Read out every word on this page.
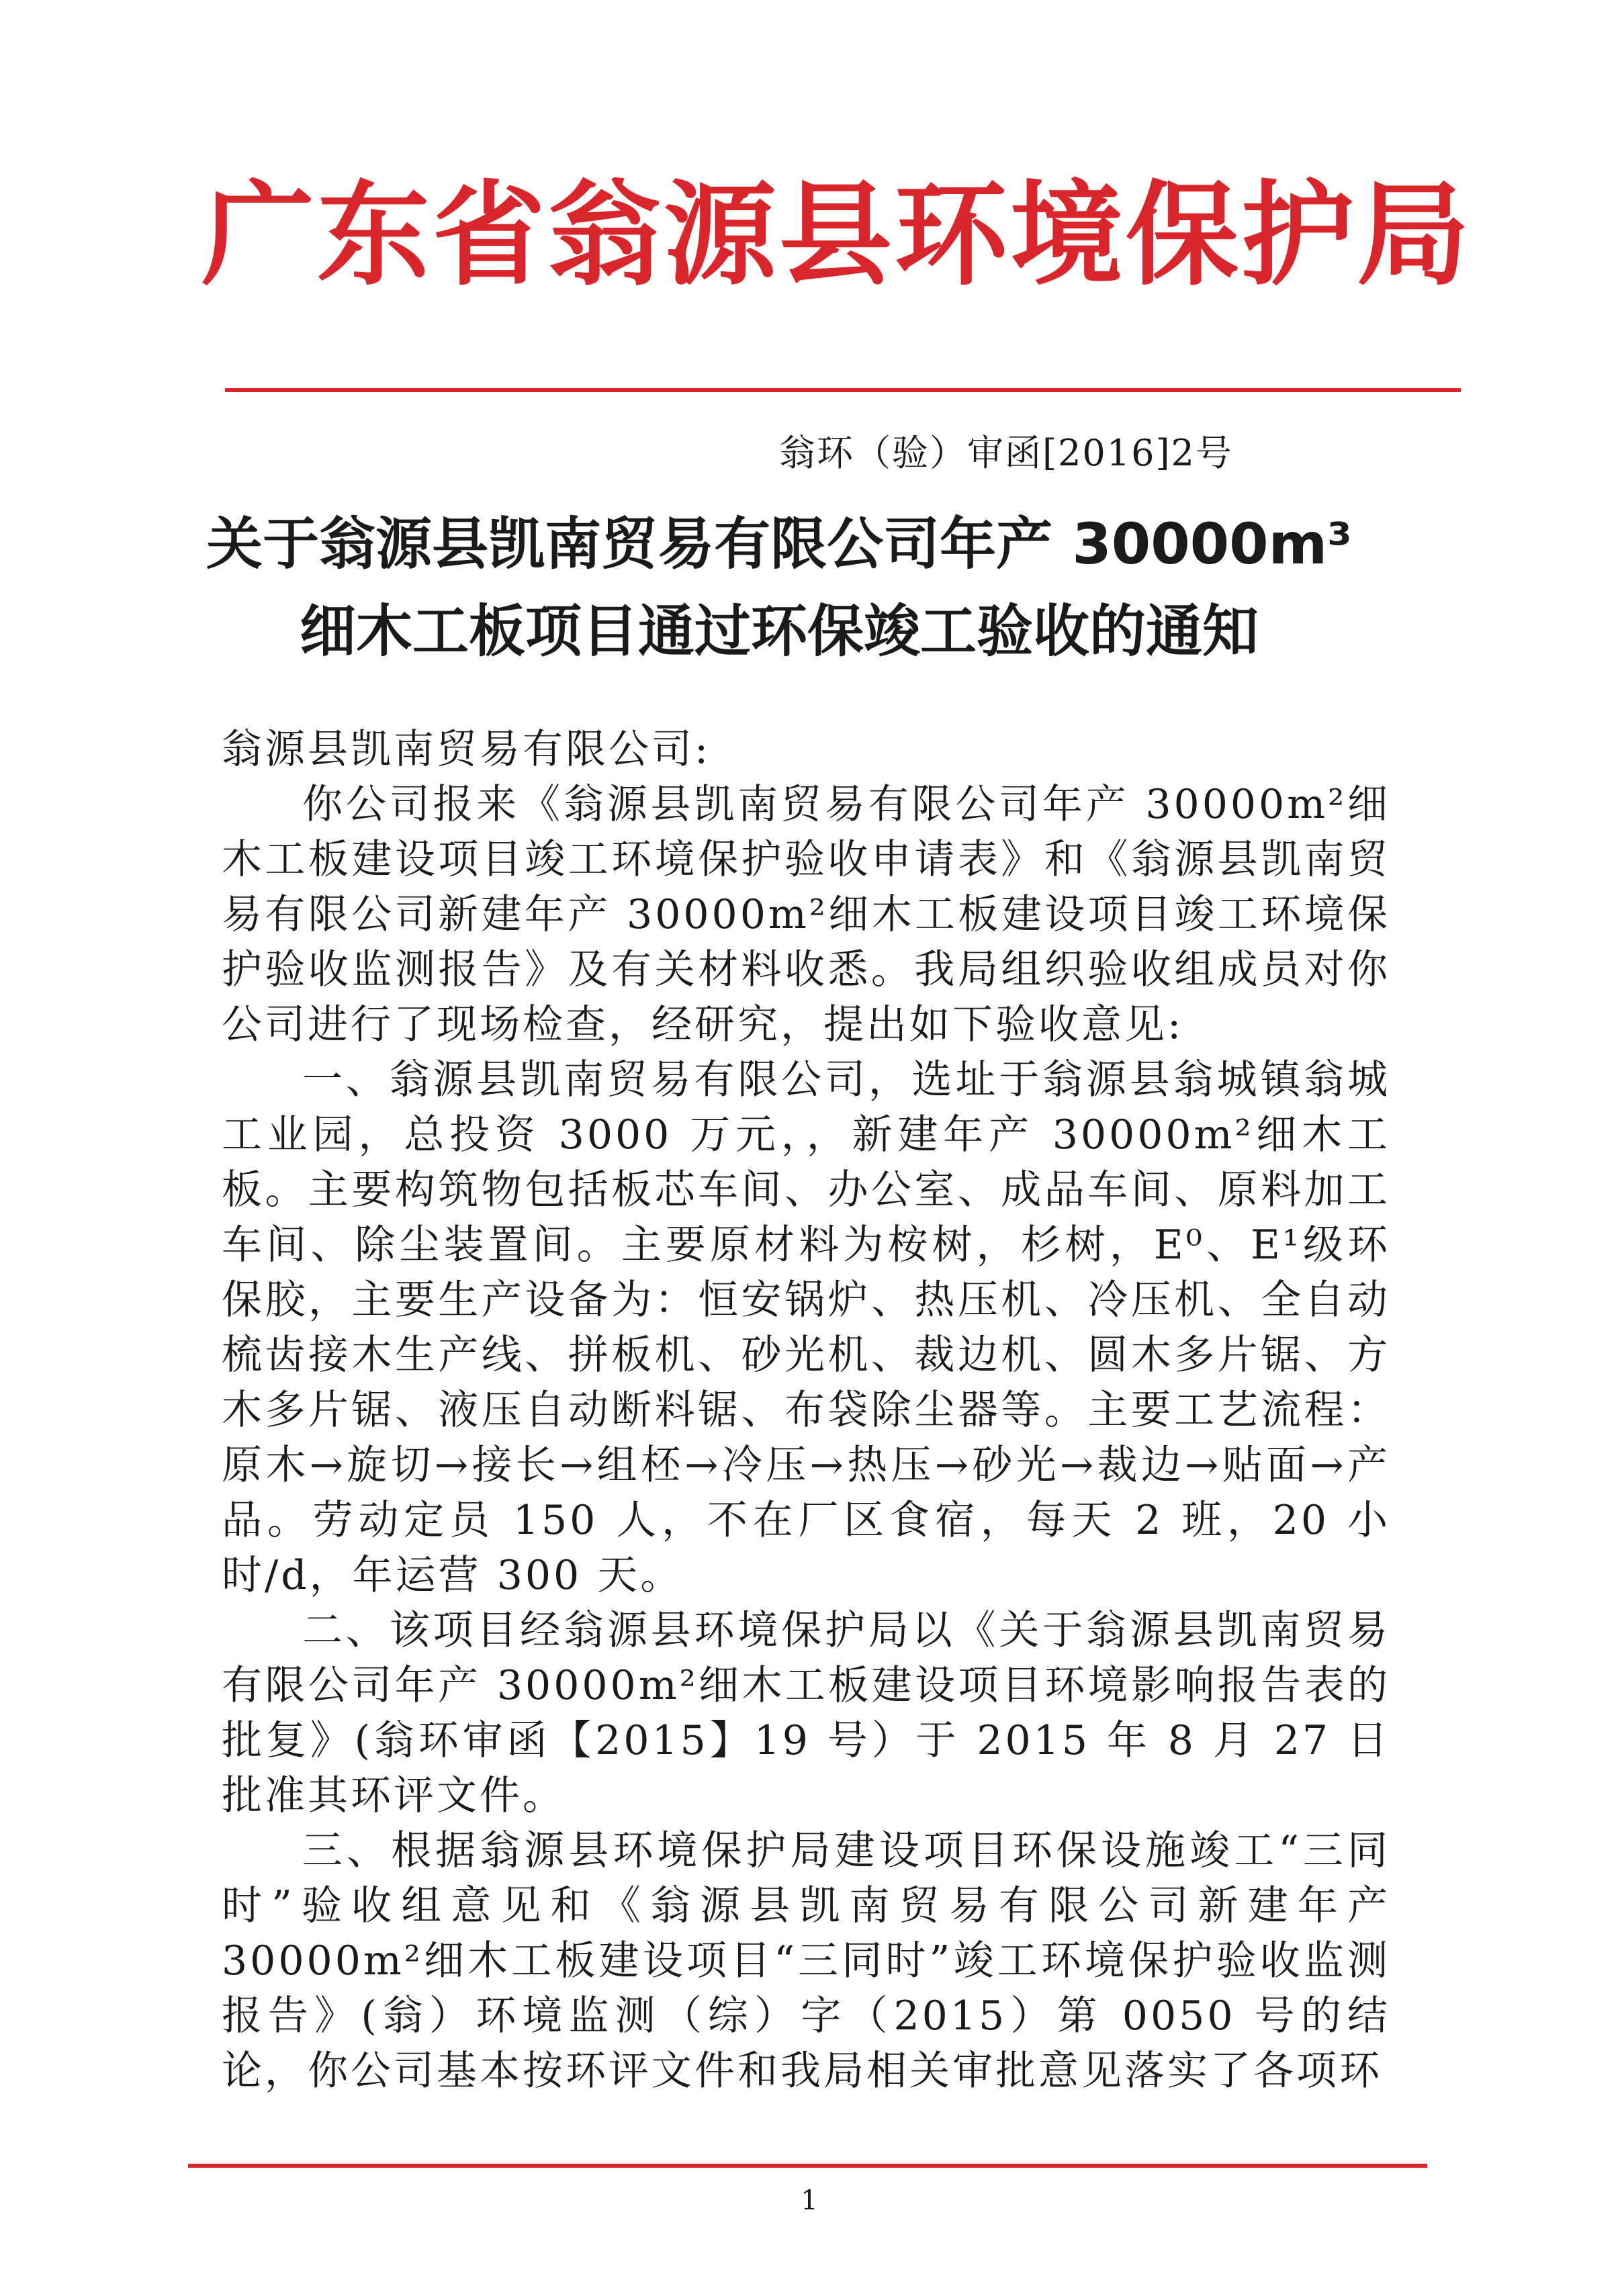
广东省翁源县环境保护局
翁环（验）审函[2016]2号
关于翁源县凯南贸易有限公司年产 30000m³
细木工板项目通过环保竣工验收的通知

翁源县凯南贸易有限公司:

你公司报来《翁源县凯南贸易有限公司年产 30000m²细木工板建设项目竣工环境保护验收申请表》和《翁源县凯南贸易有限公司新建年产 30000m²细木工板建设项目竣工环境保护验收监测报告》及有关材料收悉。我局组织验收组成员对你公司进行了现场检查，经研究，提出如下验收意见:

一、翁源县凯南贸易有限公司，选址于翁源县翁城镇翁城工业园，总投资 3000 万元，，新建年产 30000m²细木工板。主要构筑物包括板芯车间、办公室、成品车间、原料加工车间、除尘装置间。主要原材料为桉树，杉树，E⁰、E¹级环保胶，主要生产设备为：恒安锅炉、热压机、冷压机、全自动梳齿接木生产线、拼板机、砂光机、裁边机、圆木多片锯、方木多片锯、液压自动断料锯、布袋除尘器等。主要工艺流程：原木→旋切→接长→组柸→冷压→热压→砂光→裁边→贴面→产品。劳动定员 150 人，不在厂区食宿，每天 2 班，20 小时/d，年运营 300 天。

二、该项目经翁源县环境保护局以《关于翁源县凯南贸易有限公司年产 30000m²细木工板建设项目环境影响报告表的批复》(翁环审函【2015】19 号）于 2015 年 8 月 27 日批准其环评文件。

三、根据翁源县环境保护局建设项目环保设施竣工“三同时”验收组意见和《翁源县凯南贸易有限公司新建年产 30000m²细木工板建设项目“三同时”竣工环境保护验收监测报告》(翁）环境监测（综）字（2015）第 0050 号的结论，你公司基本按环评文件和我局相关审批意见落实了各项环

1
